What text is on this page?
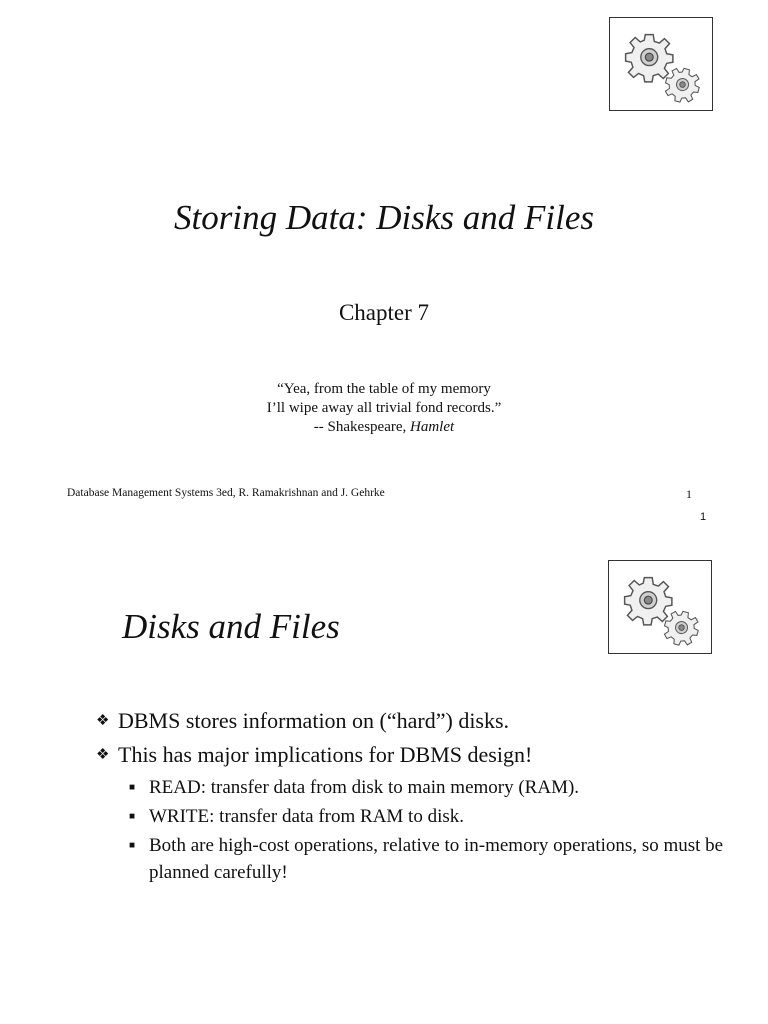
Storing Data: Disks and Files
Chapter 7
“Yea, from the table of my memory
I’ll wipe away all trivial fond records.”
-- Shakespeare, Hamlet
Database Management Systems 3ed, R. Ramakrishnan and J. Gehrke	1
1
Disks and Files
❖ DBMS stores information on (“hard”) disks.
❖ This has major implications for DBMS design!
■ READ: transfer data from disk to main memory (RAM).
■ WRITE: transfer data from RAM to disk.
■ Both are high-cost operations, relative to in-memory operations, so must be planned carefully!
